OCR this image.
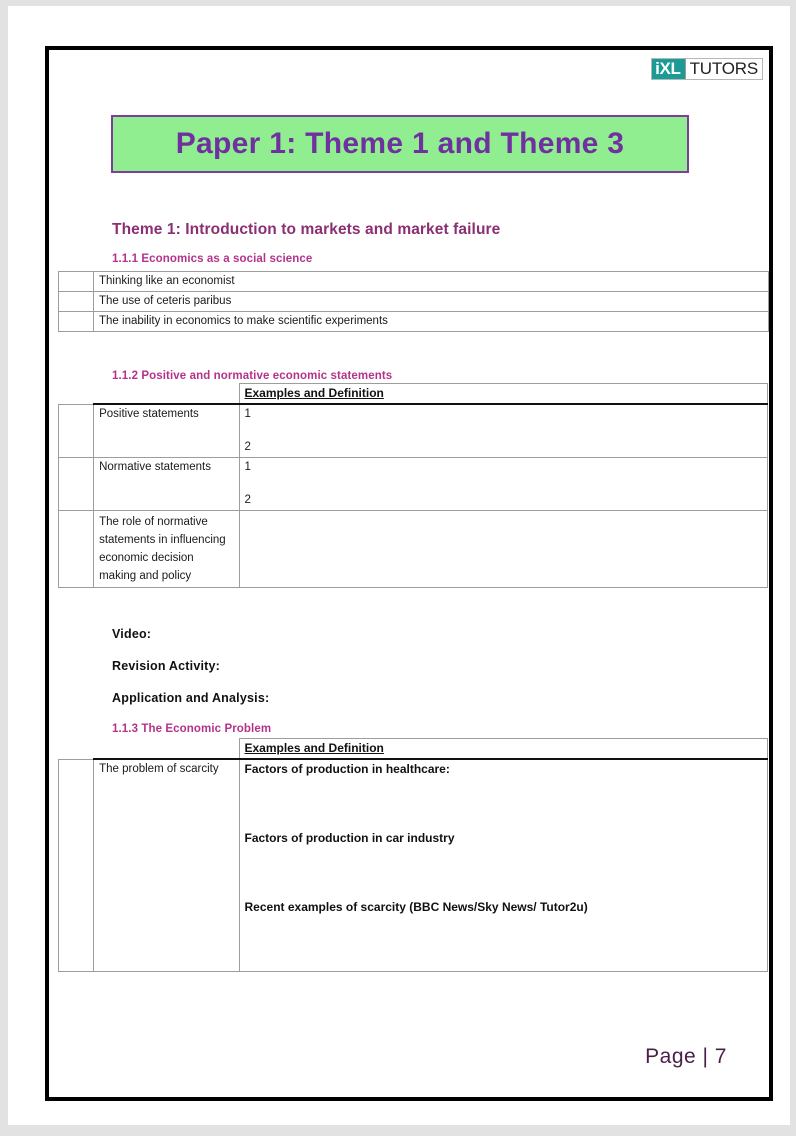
iXL TUTORS
Paper 1: Theme 1 and Theme 3
Theme 1: Introduction to markets and market failure
1.1.1 Economics as a social science
	Thinking like an economist
	The use of ceteris paribus
	The inability in economics to make scientific experiments
1.1.2 Positive and normative economic statements
		Examples and Definition
	Positive statements	1
2

	Normative statements	1
2

	The role of normative statements in influencing economic decision making and policy	
Video:
Revision Activity:
Application and Analysis:
1.1.3 The Economic Problem
		Examples and Definition
	The problem of scarcity	Factors of production in healthcare:
Factors of production in car industry
Recent examples of scarcity (BBC News/Sky News/ Tutor2u)
Page | 7
